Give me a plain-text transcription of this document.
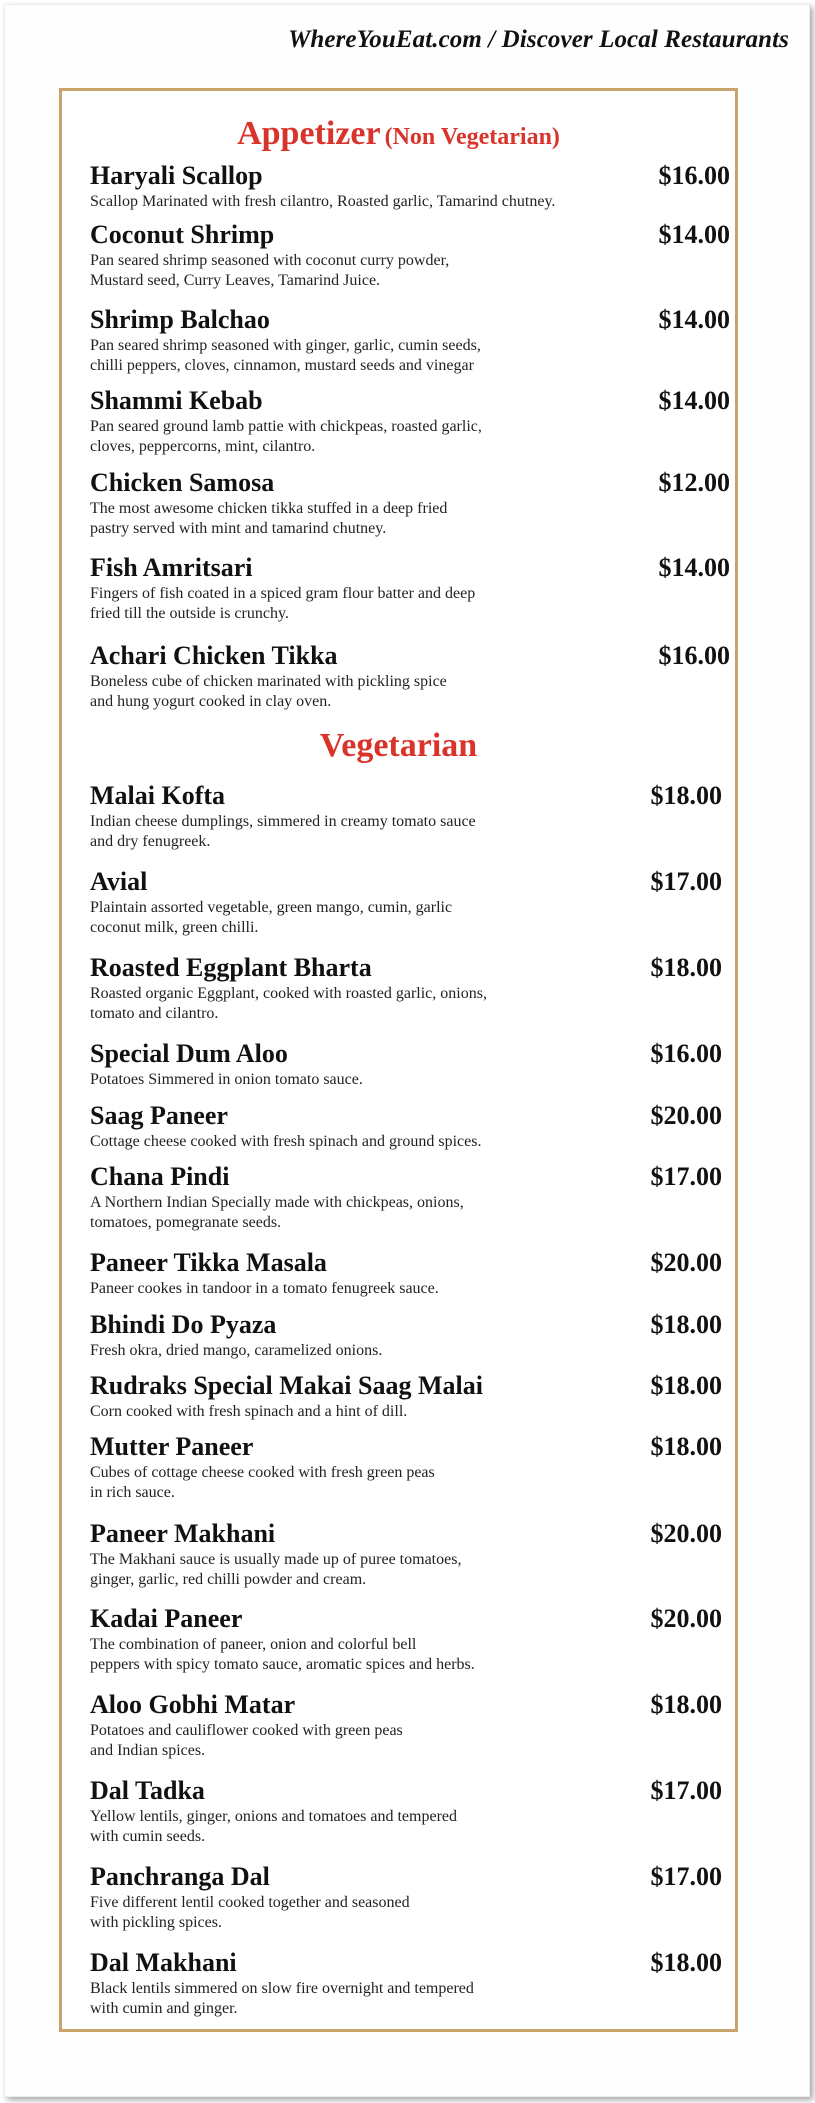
WhereYouEat.com / Discover Local Restaurants
Appetizer (Non Vegetarian)
Haryali Scallop
Scallop Marinated with fresh cilantro, Roasted garlic, Tamarind chutney.
$16.00
Coconut Shrimp
Pan seared shrimp seasoned with coconut curry powder,
Mustard seed, Curry Leaves, Tamarind Juice.
$14.00
Shrimp Balchao
Pan seared shrimp seasoned with ginger, garlic, cumin seeds,
chilli peppers, cloves, cinnamon, mustard seeds and vinegar
$14.00
Shammi Kebab
Pan seared ground lamb pattie with chickpeas, roasted garlic,
cloves, peppercorns, mint, cilantro.
$14.00
Chicken Samosa
The most awesome chicken tikka stuffed in a deep fried
pastry served with mint and tamarind chutney.
$12.00
Fish Amritsari
Fingers of fish coated in a spiced gram flour batter and deep
fried till the outside is crunchy.
$14.00
Achari Chicken Tikka
Boneless cube of chicken marinated with pickling spice
and hung yogurt cooked in clay oven.
$16.00
Vegetarian
Malai Kofta
Indian cheese dumplings, simmered in creamy tomato sauce
and dry fenugreek.
$18.00
Avial
Plaintain assorted vegetable, green mango, cumin, garlic
coconut milk, green chilli.
$17.00
Roasted Eggplant Bharta
Roasted organic Eggplant, cooked with roasted garlic, onions,
tomato and cilantro.
$18.00
Special Dum Aloo
Potatoes Simmered in onion tomato sauce.
$16.00
Saag Paneer
Cottage cheese cooked with fresh spinach and ground spices.
$20.00
Chana Pindi
A Northern Indian Specially made with chickpeas, onions,
tomatoes, pomegranate seeds.
$17.00
Paneer Tikka Masala
Paneer cookes in tandoor in a tomato fenugreek sauce.
$20.00
Bhindi Do Pyaza
Fresh okra, dried mango, caramelized onions.
$18.00
Rudraks Special Makai Saag Malai
Corn cooked with fresh spinach and a hint of dill.
$18.00
Mutter Paneer
Cubes of cottage cheese cooked with fresh green peas
in rich sauce.
$18.00
Paneer Makhani
The Makhani sauce is usually made up of puree tomatoes,
ginger, garlic, red chilli powder and cream.
$20.00
Kadai Paneer
The combination of paneer, onion and colorful bell
peppers with spicy tomato sauce, aromatic spices and herbs.
$20.00
Aloo Gobhi Matar
Potatoes and cauliflower cooked with green peas
and Indian spices.
$18.00
Dal Tadka
Yellow lentils, ginger, onions and tomatoes and tempered
with cumin seeds.
$17.00
Panchranga Dal
Five different lentil cooked together and seasoned
with pickling spices.
$17.00
Dal Makhani
Black lentils simmered on slow fire overnight and tempered
with cumin and ginger.
$18.00
